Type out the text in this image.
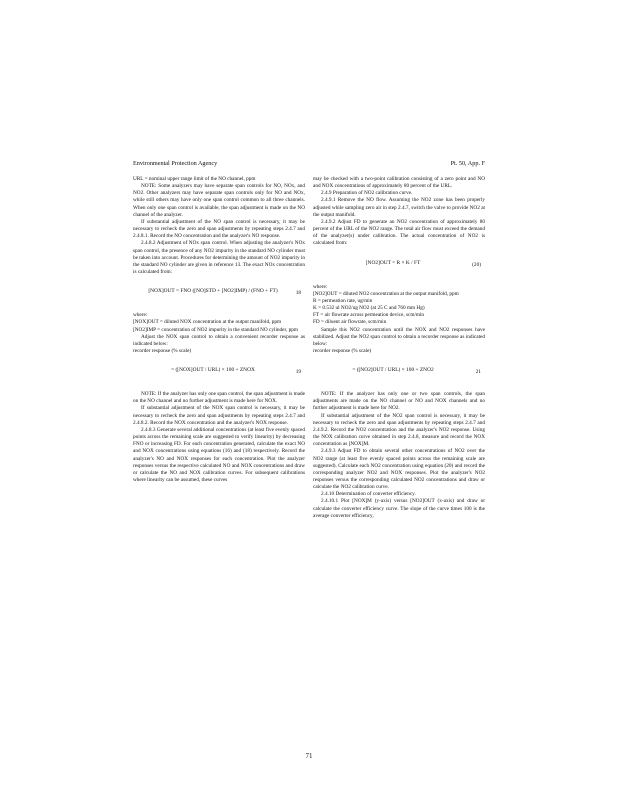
Environmental Protection Agency	Pt. 50, App. F

URL = nominal upper range limit of the NO channel, ppm

NOTE: Some analyzers may have separate span controls for NO, NOx, and NO2. Other analyzers may have separate span controls only for NO and NOx, while still others may have only one span control common to all three channels. When only one span control is available, the span adjustment is made on the NO channel of the analyzer.

If substantial adjustment of the NO span control is necessary, it may be necessary to recheck the zero and span adjustments by repeating steps 2.4.7 and 2.4.8.1. Record the NO concentration and the analyzer's NO response.

2.4.8.2 Adjustment of NOx span control. When adjusting the analyzer's NOx span control, the presence of any NO2 impurity in the standard NO cylinder must be taken into account. Procedures for determining the amount of NO2 impurity in the standard NO cylinder are given in reference 13. The exact NOx concentration is calculated from:

[NOX]OUT = FNO ([NO]STD + [NO2]IMP) / (FNO + FT)	18

where:

[NOX]OUT = diluted NOX concentration at the output manifold, ppm

[NO2]IMP = concentration of NO2 impurity in the standard NO cylinder, ppm

Adjust the NOX span control to obtain a convenient recorder response as indicated below:

recorder response (% scale)

= ([NOX]OUT / URL) × 100 + ZNOX	19

NOTE: If the analyzer has only one span control, the span adjustment is made on the NO channel and no further adjustment is made here for NOX.

If substantial adjustment of the NOX span control is necessary, it may be necessary to recheck the zero and span adjustments by repeating steps 2.4.7 and 2.4.8.2. Record the NOX concentration and the analyzer's NOX response.

2.4.8.3 Generate several additional concentrations (at least five evenly spaced points across the remaining scale are suggested to verify linearity) by decreasing FNO or increasing FD. For each concentration generated, calculate the exact NO and NOX concentrations using equations (16) and (18) respectively. Record the analyzer's NO and NOX responses for each concentration. Plot the analyzer responses versus the respective calculated NO and NOX concentrations and draw or calculate the NO and NOX calibration curves. For subsequent calibrations where linearity can be assumed, these curves

may be checked with a two-point calibration consisting of a zero point and NO and NOX concentrations of approximately 80 percent of the URL.

2.4.9 Preparation of NO2 calibration curve.

2.4.9.1 Remove the NO flow. Assuming the NO2 zone has been properly adjusted while sampling zero air in step 2.4.7, switch the valve to provide NO2 at the output manifold.

2.4.9.2 Adjust FD to generate an NO2 concentration of approximately 80 percent of the URL of the NO2 range. The total air flow must exceed the demand of the analyzer(s) under calibration. The actual concentration of NO2 is calculated from:

[NO2]OUT = R × K / FT	(20)

where:

[NO2]OUT = diluted NO2 concentration at the output manifold, ppm

R = permeation rate, ug/min

K = 0.532 ul NO2/ug NO2 (at 25 C and 760 mm Hg)

FT = air flowrate across permeation device, scm/min

FD = diluent air flowrate, scm/min

Sample this NO2 concentration until the NOX and NO2 responses have stabilized. Adjust the NO2 span control to obtain a recorder response as indicated below:

recorder response (% scale)

= ([NO2]OUT / URL) × 100 + ZNO2	21

NOTE: If the analyzer has only one or two span controls, the span adjustments are made on the NO channel or NO and NOX channels and no further adjustment is made here for NO2.

If substantial adjustment of the NO2 span control is necessary, it may be necessary to recheck the zero and span adjustments by repeating steps 2.4.7 and 2.4.9.2. Record the NO2 concentration and the analyzer's NO2 response. Using the NOX calibration curve obtained in step 2.4.8, measure and record the NOX concentration as [NOX]M.

2.4.9.3 Adjust FD to obtain several other concentrations of NO2 over the NO2 range (at least five evenly spaced points across the remaining scale are suggested). Calculate each NO2 concentration using equation (20) and record the corresponding analyzer NO2 and NOX responses. Plot the analyzer's NO2 responses versus the corresponding calculated NO2 concentrations and draw or calculate the NO2 calibration curve.

2.4.10 Determination of converter efficiency.

2.4.10.1 Plot [NOX]M (y-axis) versus [NO2]OUT (x-axis) and draw or calculate the converter efficiency curve. The slope of the curve times 100 is the average converter efficiency,

71
